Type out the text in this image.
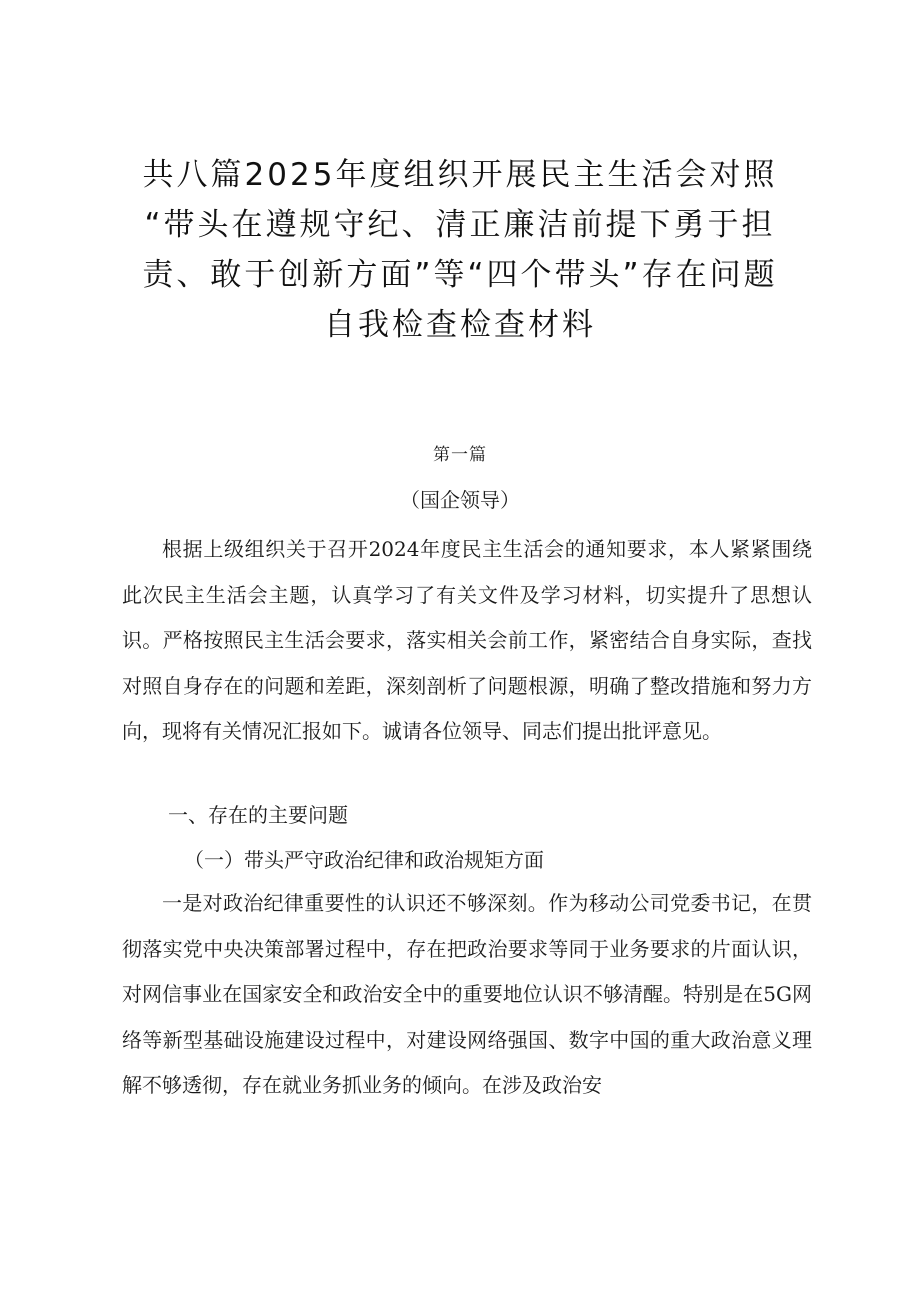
共八篇2025年度组织开展民主生活会对照
“带头在遵规守纪、清正廉洁前提下勇于担
责、敢于创新方面”等“四个带头”存在问题
自我检查检查材料
第一篇
（国企领导）

根据上级组织关于召开2024年度民主生活会的通知要求，本人紧紧围绕此次民主生活会主题，认真学习了有关文件及学习材料，切实提升了思想认识。严格按照民主生活会要求，落实相关会前工作，紧密结合自身实际，查找对照自身存在的问题和差距，深刻剖析了问题根源，明确了整改措施和努力方向，现将有关情况汇报如下。诚请各位领导、同志们提出批评意见。

一、存在的主要问题
（一）带头严守政治纪律和政治规矩方面

一是对政治纪律重要性的认识还不够深刻。作为移动公司党委书记，在贯彻落实党中央决策部署过程中，存在把政治要求等同于业务要求的片面认识，对网信事业在国家安全和政治安全中的重要地位认识不够清醒。特别是在5G网络等新型基础设施建设过程中，对建设网络强国、数字中国的重大政治意义理解不够透彻，存在就业务抓业务的倾向。在涉及政治安
